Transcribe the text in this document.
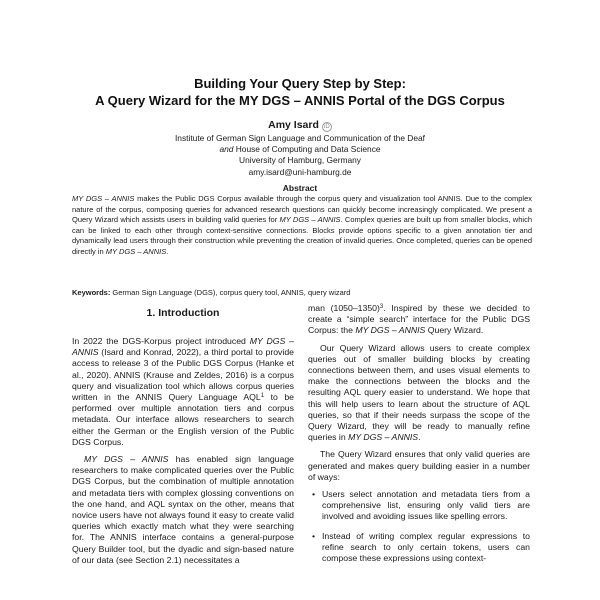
Building Your Query Step by Step:
A Query Wizard for the MY DGS – ANNIS Portal of the DGS Corpus
Amy Isard iD
Institute of German Sign Language and Communication of the Deaf
and House of Computing and Data Science
University of Hamburg, Germany
amy.isard@uni-hamburg.de
Abstract

MY DGS – ANNIS makes the Public DGS Corpus available through the corpus query and visualization tool ANNIS. Due to the complex nature of the corpus, composing queries for advanced research questions can quickly become increasingly complicated. We present a Query Wizard which assists users in building valid queries for MY DGS – ANNIS. Complex queries are built up from smaller blocks, which can be linked to each other through context-sensitive connections. Blocks provide options specific to a given annotation tier and dynamically lead users through their construction while preventing the creation of invalid queries. Once completed, queries can be opened directly in MY DGS – ANNIS.

Keywords: German Sign Language (DGS), corpus query tool, ANNIS, query wizard

1. Introduction

In 2022 the DGS-Korpus project introduced MY DGS – ANNIS (Isard and Konrad, 2022), a third portal to provide access to release 3 of the Public DGS Corpus (Hanke et al., 2020). ANNIS (Krause and Zeldes, 2016) is a corpus query and visualization tool which allows corpus queries written in the ANNIS Query Language AQL$^1$ to be performed over multiple annotation tiers and corpus metadata. Our interface allows researchers to search either the German or the English version of the Public DGS Corpus.

MY DGS – ANNIS has enabled sign language researchers to make complicated queries over the Public DGS Corpus, but the combination of multiple annotation and metadata tiers with complex glossing conventions on the one hand, and AQL syntax on the other, means that novice users have not always found it easy to create valid queries which exactly match what they were searching for. The ANNIS interface contains a general-purpose Query Builder tool, but the dyadic and sign-based nature of our data (see Section 2.1) necessitates a

man (1050–1350)$^3$. Inspired by these we decided to create a “simple search” interface for the Public DGS Corpus: the MY DGS – ANNIS Query Wizard.

Our Query Wizard allows users to create complex queries out of smaller building blocks by creating connections between them, and uses visual elements to make the connections between the blocks and the resulting AQL query easier to understand. We hope that this will help users to learn about the structure of AQL queries, so that if their needs surpass the scope of the Query Wizard, they will be ready to manually refine queries in MY DGS – ANNIS.

The Query Wizard ensures that only valid queries are generated and makes query building easier in a number of ways:

• Users select annotation and metadata tiers from a comprehensive list, ensuring only valid tiers are involved and avoiding issues like spelling errors.
• Instead of writing complex regular expressions to refine search to only certain tokens, users can compose these expressions using context-
